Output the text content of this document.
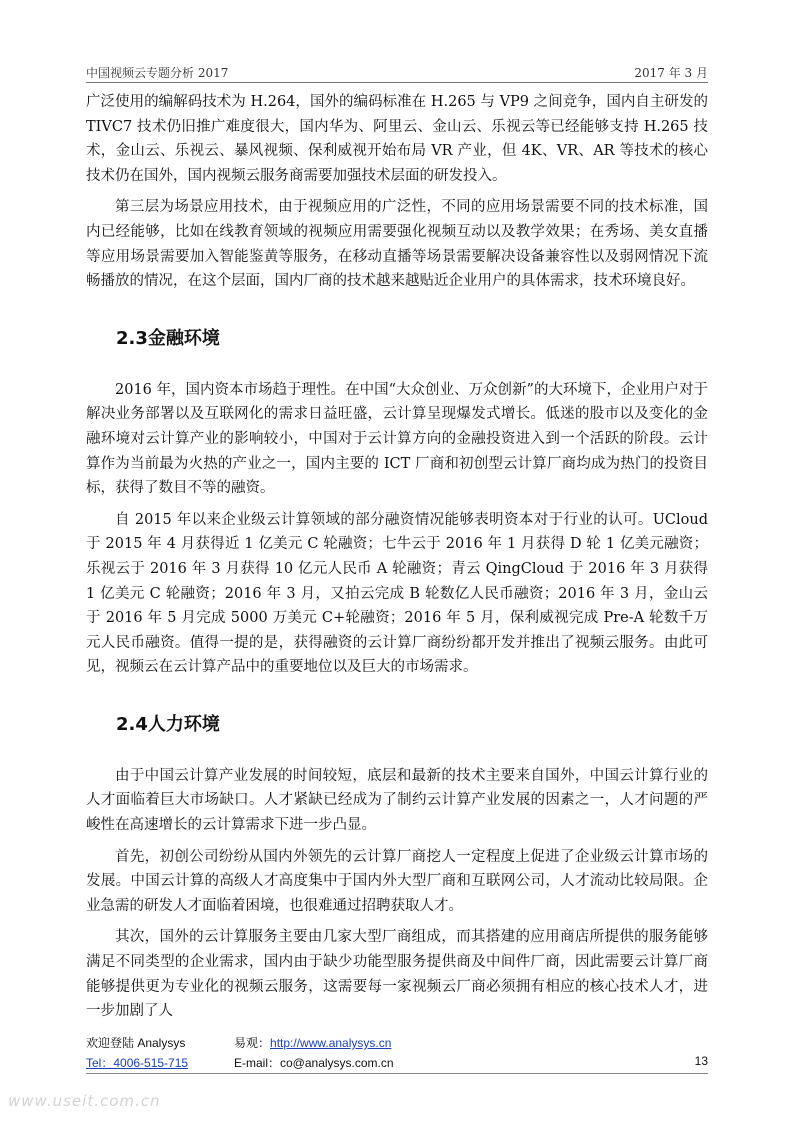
中国视频云专题分析 2017	2017 年 3 月

广泛使用的编解码技术为 H.264，国外的编码标准在 H.265 与 VP9 之间竞争，国内自主研发的 TIVC7 技术仍旧推广难度很大，国内华为、阿里云、金山云、乐视云等已经能够支持 H.265 技术，金山云、乐视云、暴风视频、保利威视开始布局 VR 产业，但 4K、VR、AR 等技术的核心技术仍在国外，国内视频云服务商需要加强技术层面的研发投入。

第三层为场景应用技术，由于视频应用的广泛性，不同的应用场景需要不同的技术标准，国内已经能够，比如在线教育领域的视频应用需要强化视频互动以及教学效果；在秀场、美女直播等应用场景需要加入智能鉴黄等服务，在移动直播等场景需要解决设备兼容性以及弱网情况下流畅播放的情况，在这个层面，国内厂商的技术越来越贴近企业用户的具体需求，技术环境良好。

2.3金融环境

2016 年，国内资本市场趋于理性。在中国“大众创业、万众创新”的大环境下，企业用户对于解决业务部署以及互联网化的需求日益旺盛，云计算呈现爆发式增长。低迷的股市以及变化的金融环境对云计算产业的影响较小，中国对于云计算方向的金融投资进入到一个活跃的阶段。云计算作为当前最为火热的产业之一，国内主要的 ICT 厂商和初创型云计算厂商均成为热门的投资目标，获得了数目不等的融资。

自 2015 年以来企业级云计算领域的部分融资情况能够表明资本对于行业的认可。UCloud 于 2015 年 4 月获得近 1 亿美元 C 轮融资；七牛云于 2016 年 1 月获得 D 轮 1 亿美元融资；乐视云于 2016 年 3 月获得 10 亿元人民币 A 轮融资；青云 QingCloud 于 2016 年 3 月获得 1 亿美元 C 轮融资；2016 年 3 月，又拍云完成 B 轮数亿人民币融资；2016 年 3 月，金山云于 2016 年 5 月完成 5000 万美元 C+轮融资；2016 年 5 月，保利威视完成 Pre-A 轮数千万元人民币融资。值得一提的是，获得融资的云计算厂商纷纷都开发并推出了视频云服务。由此可见，视频云在云计算产品中的重要地位以及巨大的市场需求。

2.4人力环境

由于中国云计算产业发展的时间较短，底层和最新的技术主要来自国外，中国云计算行业的人才面临着巨大市场缺口。人才紧缺已经成为了制约云计算产业发展的因素之一，人才问题的严峻性在高速增长的云计算需求下进一步凸显。

首先，初创公司纷纷从国内外领先的云计算厂商挖人一定程度上促进了企业级云计算市场的发展。中国云计算的高级人才高度集中于国内外大型厂商和互联网公司，人才流动比较局限。企业急需的研发人才面临着困境，也很难通过招聘获取人才。

其次，国外的云计算服务主要由几家大型厂商组成，而其搭建的应用商店所提供的服务能够满足不同类型的企业需求，国内由于缺少功能型服务提供商及中间件厂商，因此需要云计算厂商能够提供更为专业化的视频云服务，这需要每一家视频云厂商必须拥有相应的核心技术人才，进一步加剧了人

欢迎登陆 Analysys	易观：http://www.analysys.cn
Tel：4006-515-715	E-mail：co@analysys.com.cn	13
www.useit.com.cn
